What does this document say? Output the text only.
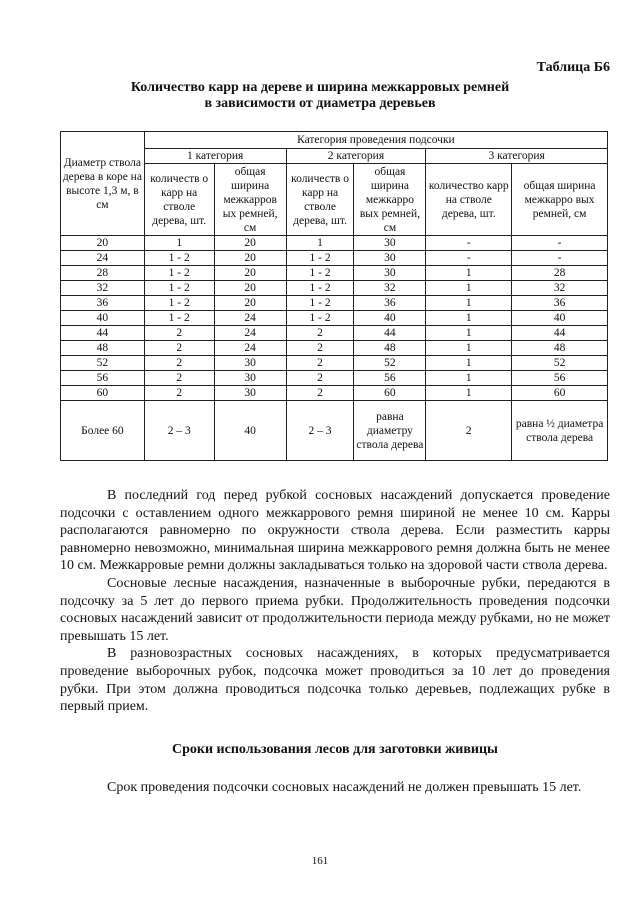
Таблица Б6
Количество карр на дереве и ширина межкарровых ремней
в зависимости от диаметра деревьев
Диаметр ствола дерева в коре на высоте 1,3 м, в см	Категория проведения подсочки					
	1 категория		2 категория		3 категория	
	количеств о карр на стволе дерева, шт.	общая ширина межкарров ых ремней, см	количеств о карр на стволе дерева, шт.	общая ширина межкарро вых ремней, см	количество карр на стволе дерева, шт.	общая ширина межкарро вых ремней, см
20	1	20	1	30	-	-
24	1 - 2	20	1 - 2	30	-	-
28	1 - 2	20	1 - 2	30	1	28
32	1 - 2	20	1 - 2	32	1	32
36	1 - 2	20	1 - 2	36	1	36
40	1 - 2	24	1 - 2	40	1	40
44	2	24	2	44	1	44
48	2	24	2	48	1	48
52	2	30	2	52	1	52
56	2	30	2	56	1	56
60	2	30	2	60	1	60
Более 60	2 – 3	40	2 – 3	равна диаметру ствола дерева	2	равна ½ диаметра ствола дерева

В последний год перед рубкой сосновых насаждений допускается проведение подсочки с оставлением одного межкаррового ремня шириной не менее 10 см. Карры располагаются равномерно по окружности ствола дерева. Если разместить карры равномерно невозможно, минимальная ширина межкаррового ремня должна быть не менее 10 см. Межкарровые ремни должны закладываться только на здоровой части ствола дерева.

Сосновые лесные насаждения, назначенные в выборочные рубки, передаются в подсочку за 5 лет до первого приема рубки. Продолжительность проведения подсочки сосновых насаждений зависит от продолжительности периода между рубками, но не может превышать 15 лет.

В разновозрастных сосновых насаждениях, в которых предусматривается проведение выборочных рубок, подсочка может проводиться за 10 лет до проведения рубки. При этом должна проводиться подсочка только деревьев, подлежащих рубке в первый прием.

Сроки использования лесов для заготовки живицы

Срок проведения подсочки сосновых насаждений не должен превышать 15 лет.

161
